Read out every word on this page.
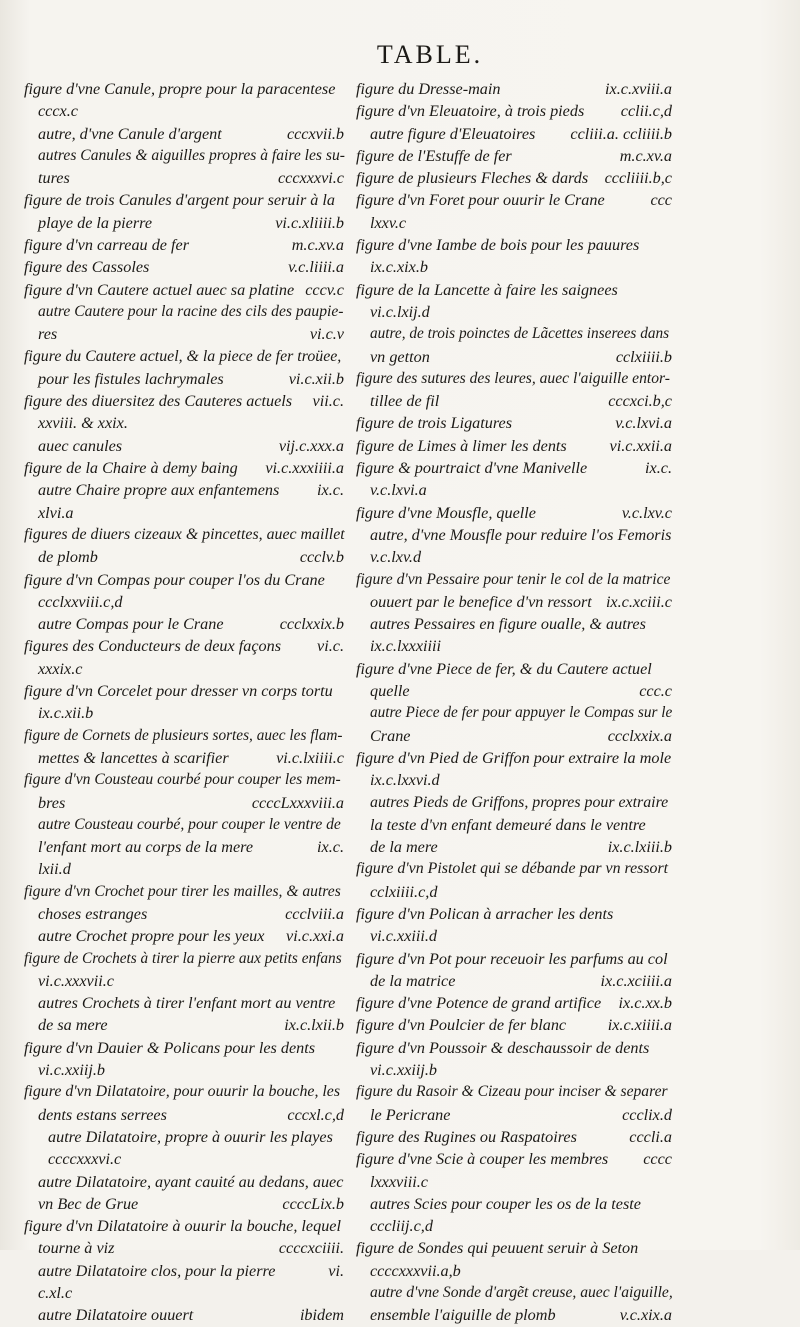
TABLE.
figure d'vne Canule, propre pour la paracentese
cccx.c
autre, d'vne Canule d'argent	cccxvii.b
autres Canules & aiguilles propres à faire les su-
tures	cccxxxvi.c
figure de trois Canules d'argent pour seruir à la
playe de la pierre	vi.c.xliiii.b
figure d'vn carreau de fer	m.c.xv.a
figure des Cassoles	v.c.liiii.a
figure d'vn Cautere actuel auec sa platine cccv.c
autre Cautere pour la racine des cils des paupie-
res	vi.c.v
figure du Cautere actuel, & la piece de fer troüee,
pour les fistules lachrymales	vi.c.xii.b
figure des diuersitez des Cauteres actuels	vii.c.
xxviii. & xxix.
auec canules	vij.c.xxx.a
figure de la Chaire à demy baing	vi.c.xxxiiii.a
autre Chaire propre aux enfantemens	ix.c.
xlvi.a
figures de diuers cizeaux & pincettes, auec maillet
de plomb	ccclv.b
figure d'vn Compas pour couper l'os du Crane
ccclxxviii.c,d
autre Compas pour le Crane	ccclxxix.b
figures des Conducteurs de deux façons	vi.c.
xxxix.c
figure d'vn Corcelet pour dresser vn corps tortu
ix.c.xii.b
figure de Cornets de plusieurs sortes, auec les flam-
mettes & lancettes à scarifier	vi.c.lxiiii.c
figure d'vn Cousteau courbé pour couper les mem-
bres	ccccLxxxviii.a
autre Cousteau courbé, pour couper le ventre de
l'enfant mort au corps de la mere	ix.c.
lxii.d
figure d'vn Crochet pour tirer les mailles, & autres
choses estranges	ccclviii.a
autre Crochet propre pour les yeux	vi.c.xxi.a
figure de Crochets à tirer la pierre aux petits enfans
vi.c.xxxvii.c
autres Crochets à tirer l'enfant mort au ventre
de sa mere	ix.c.lxii.b
figure d'vn Dauier & Policans pour les dents
vi.c.xxiij.b
figure d'vn Dilatatoire, pour ouurir la bouche, les
dents estans serrees	cccxl.c,d
autre Dilatatoire, propre à ouurir les playes
ccccxxxvi.c
autre Dilatatoire, ayant cauité au dedans, auec
vn Bec de Grue	ccccLix.b
figure d'vn Dilatatoire à ouurir la bouche, lequel
tourne à viz	ccccxciiii.
autre Dilatatoire clos, pour la pierre	vi.
c.xl.c
autre Dilatatoire ouuert	ibidem
figure du Dresse-main	ix.c.xviii.a
figure d'vn Eleuatoire, à trois pieds	cclii.c,d
autre figure d'Eleuatoires	ccliii.a. ccliiii.b
figure de l'Estuffe de fer	m.c.xv.a
figure de plusieurs Fleches & dards	cccliiii.b,c
figure d'vn Foret pour ouurir le Crane	ccc
lxxv.c
figure d'vne Iambe de bois pour les pauures
ix.c.xix.b
figure de la Lancette à faire les saignees
vi.c.lxij.d
autre, de trois poinctes de Lãcettes inserees dans
vn getton	cclxiiii.b
figure des sutures des leures, auec l'aiguille entor-
tillee de fil	cccxci.b,c
figure de trois Ligatures	v.c.lxvi.a
figure de Limes à limer les dents	vi.c.xxii.a
figure & pourtraict d'vne Manivelle	ix.c.
v.c.lxvi.a
figure d'vne Mousfle, quelle	v.c.lxv.c
autre, d'vne Mousfle pour reduire l'os Femoris
v.c.lxv.d
figure d'vn Pessaire pour tenir le col de la matrice
ouuert par le benefice d'vn ressort ix.c.xciii.c
autres Pessaires en figure oualle, & autres
ix.c.lxxxiiii
figure d'vne Piece de fer, & du Cautere actuel
quelle	ccc.c
autre Piece de fer pour appuyer le Compas sur le
Crane	ccclxxix.a
figure d'vn Pied de Griffon pour extraire la mole
ix.c.lxxvi.d
autres Pieds de Griffons, propres pour extraire
la teste d'vn enfant demeuré dans le ventre
de la mere	ix.c.lxiii.b
figure d'vn Pistolet qui se débande par vn ressort
cclxiiii.c,d
figure d'vn Polican à arracher les dents
vi.c.xxiii.d
figure d'vn Pot pour receuoir les parfums au col
de la matrice	ix.c.xciiii.a
figure d'vne Potence de grand artifice	ix.c.xx.b
figure d'vn Poulcier de fer blanc	ix.c.xiiii.a
figure d'vn Poussoir & deschaussoir de dents
vi.c.xxiij.b
figure du Rasoir & Cizeau pour inciser & separer
le Pericrane	ccclix.d
figure des Rugines ou Raspatoires	cccli.a
figure d'vne Scie à couper les membres	cccc
lxxxviii.c
autres Scies pour couper les os de la teste
cccliij.c,d
figure de Sondes qui peuuent seruir à Seton
ccccxxxvii.a,b
autre d'vne Sonde d'argẽt creuse, auec l'aiguille,
ensemble l'aiguille de plomb	v.c.xix.a
